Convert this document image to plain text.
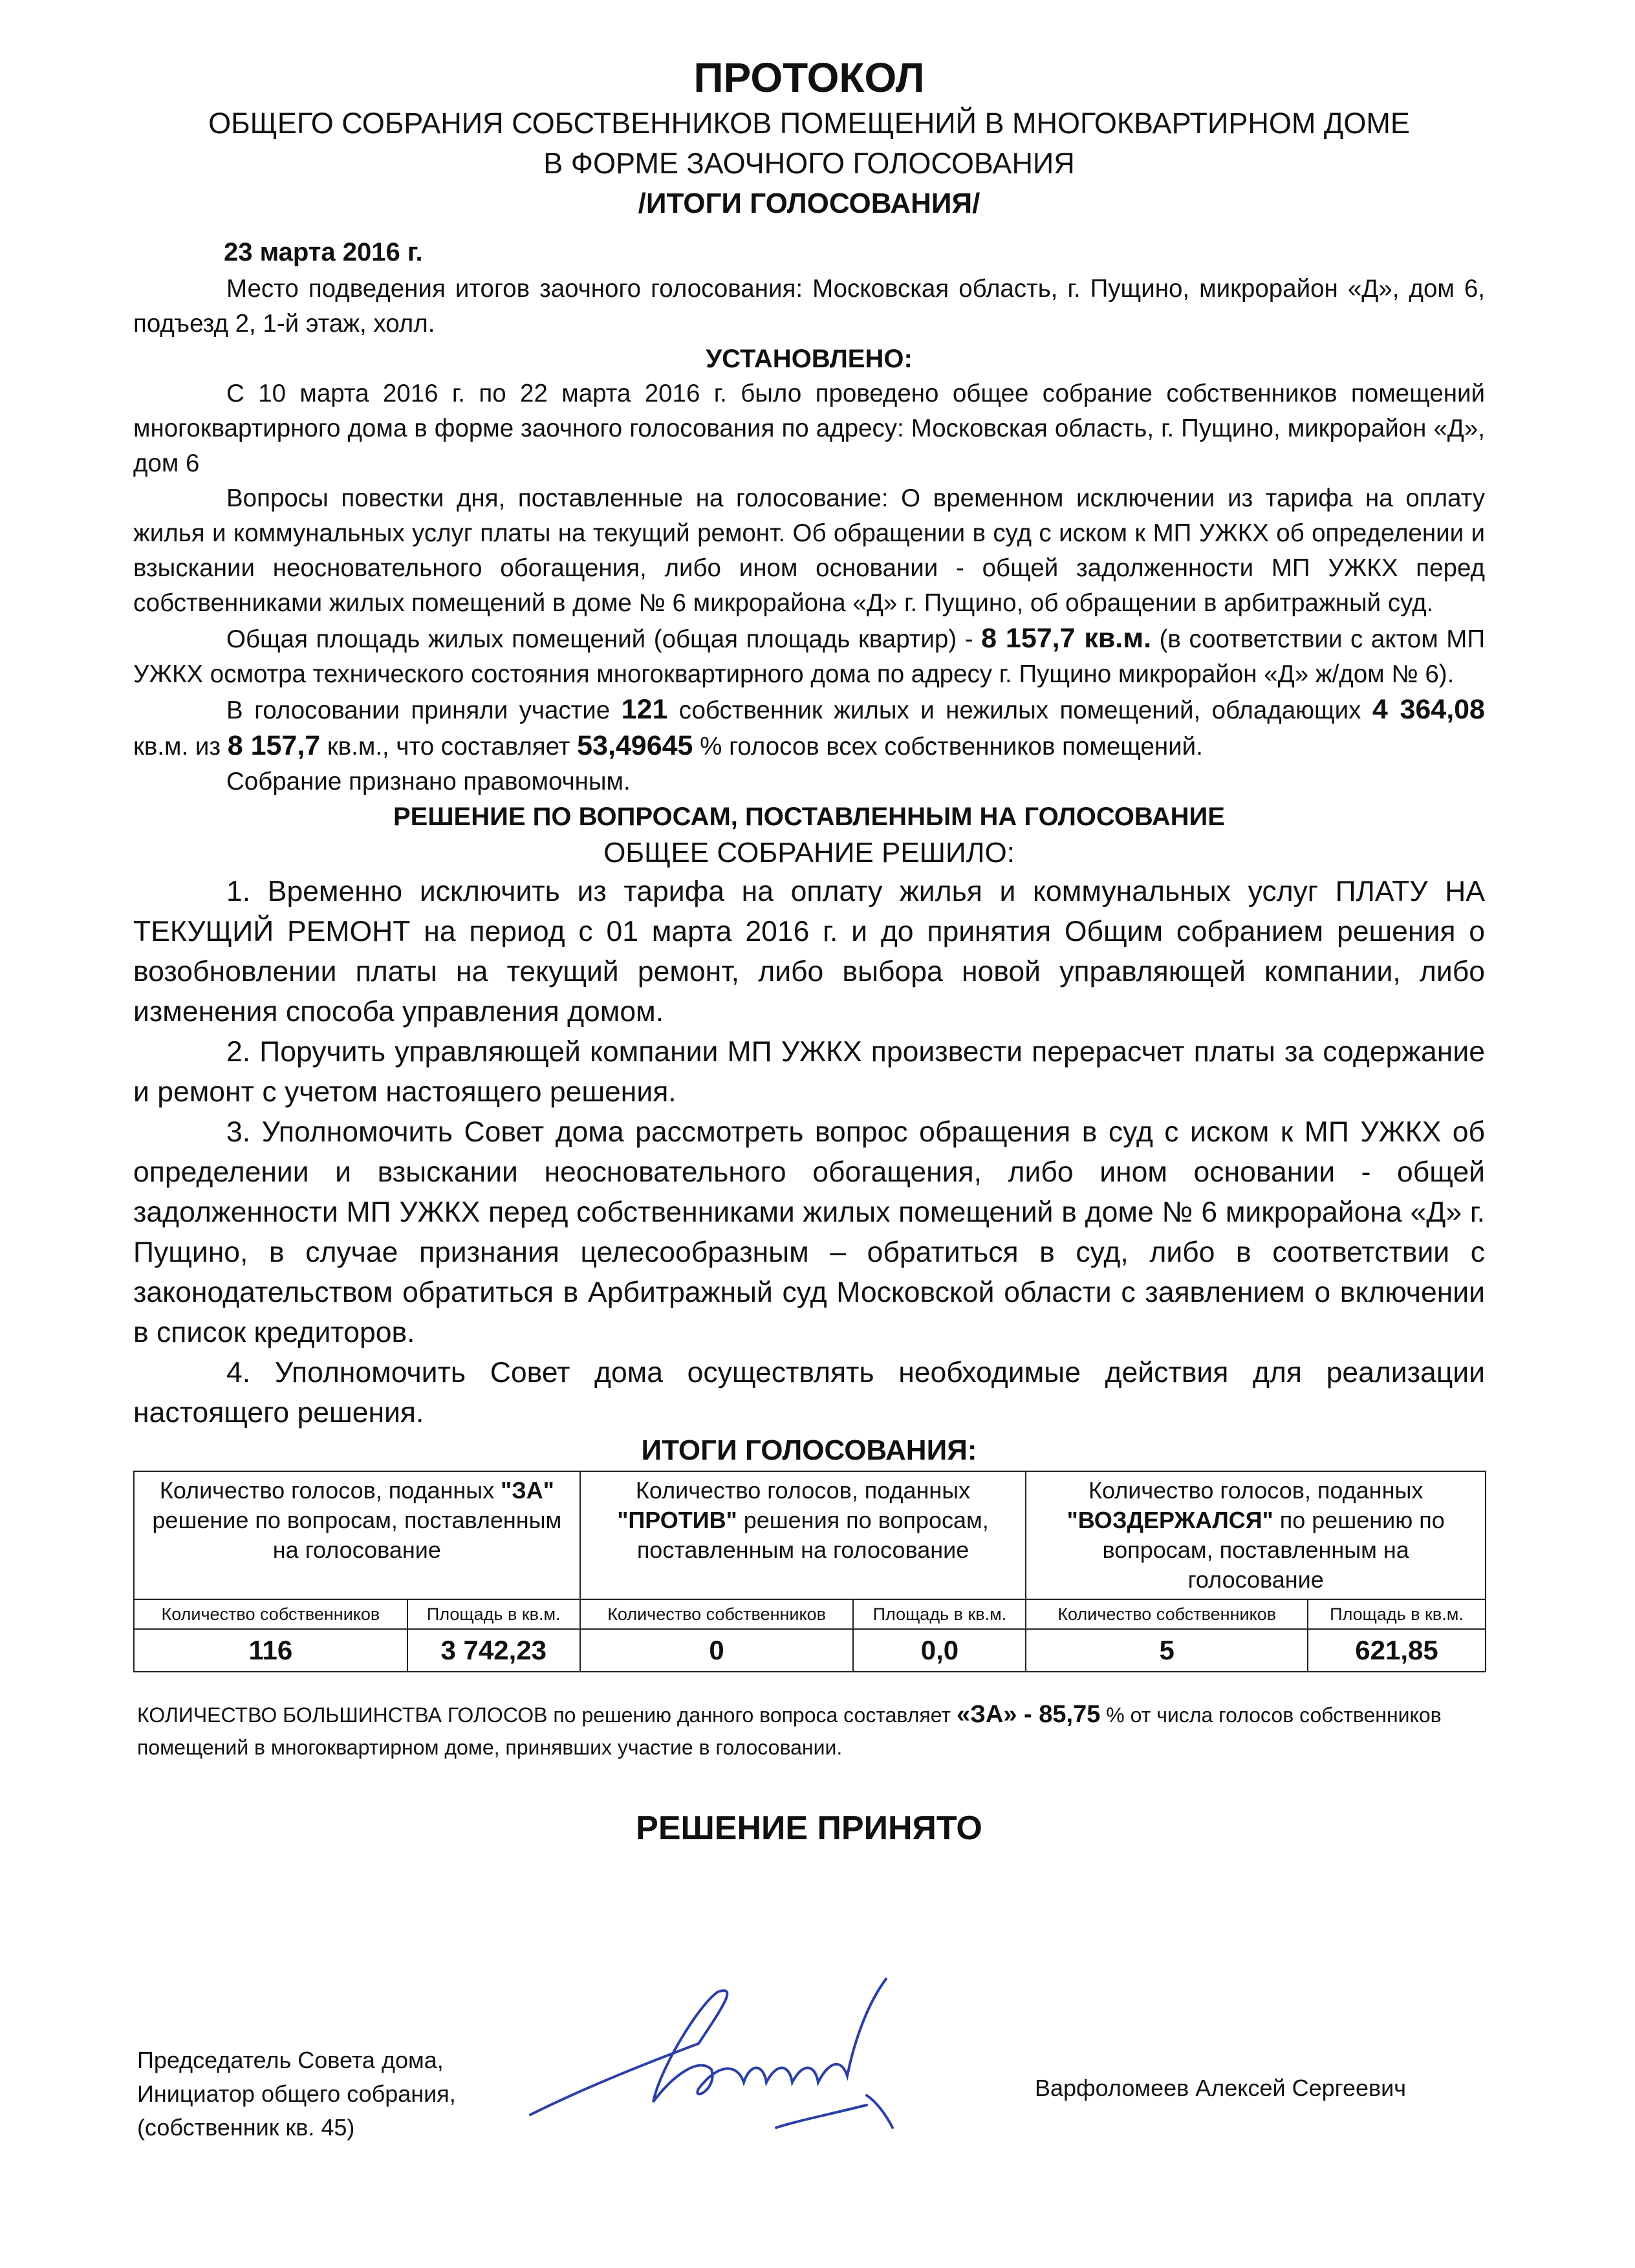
ПРОТОКОЛ
ОБЩЕГО СОБРАНИЯ СОБСТВЕННИКОВ ПОМЕЩЕНИЙ В МНОГОКВАРТИРНОМ ДОМЕ
В ФОРМЕ ЗАОЧНОГО ГОЛОСОВАНИЯ
/ИТОГИ ГОЛОСОВАНИЯ/
23 марта 2016 г.

Место подведения итогов заочного голосования: Московская область, г. Пущино, микрорайон «Д», дом 6, подъезд 2, 1-й этаж, холл.

УСТАНОВЛЕНО:

С 10 марта 2016 г. по 22 марта 2016 г. было проведено общее собрание собственников помещений многоквартирного дома в форме заочного голосования по адресу: Московская область, г. Пущино, микрорайон «Д», дом 6

Вопросы повестки дня, поставленные на голосование: О временном исключении из тарифа на оплату жилья и коммунальных услуг платы на текущий ремонт. Об обращении в суд с иском к МП УЖКХ об определении и взыскании неосновательного обогащения, либо ином основании - общей задолженности МП УЖКХ перед собственниками жилых помещений в доме № 6 микрорайона «Д» г. Пущино, об обращении в арбитражный суд.

Общая площадь жилых помещений (общая площадь квартир) - 8 157,7 кв.м. (в соответствии с актом МП УЖКХ осмотра технического состояния многоквартирного дома по адресу г. Пущино микрорайон «Д» ж/дом № 6).

В голосовании приняли участие 121 собственник жилых и нежилых помещений, обладающих 4 364,08 кв.м. из 8 157,7 кв.м., что составляет 53,49645 % голосов всех собственников помещений.

Собрание признано правомочным.

РЕШЕНИЕ ПО ВОПРОСАМ, ПОСТАВЛЕННЫМ НА ГОЛОСОВАНИЕ
ОБЩЕЕ СОБРАНИЕ РЕШИЛО:

1. Временно исключить из тарифа на оплату жилья и коммунальных услуг ПЛАТУ НА ТЕКУЩИЙ РЕМОНТ на период с 01 марта 2016 г. и до принятия Общим собранием решения о возобновлении платы на текущий ремонт, либо выбора новой управляющей компании, либо изменения способа управления домом.

2. Поручить управляющей компании МП УЖКХ произвести перерасчет платы за содержание и ремонт с учетом настоящего решения.

3. Уполномочить Совет дома рассмотреть вопрос обращения в суд с иском к МП УЖКХ об определении и взыскании неосновательного обогащения, либо ином основании - общей задолженности МП УЖКХ перед собственниками жилых помещений в доме № 6 микрорайона «Д» г. Пущино, в случае признания целесообразным – обратиться в суд, либо в соответствии с законодательством обратиться в Арбитражный суд Московской области с заявлением о включении в список кредиторов.

4. Уполномочить Совет дома осуществлять необходимые действия для реализации настоящего решения.

ИТОГИ ГОЛОСОВАНИЯ:
Количество голосов, поданных "ЗА" решение по вопросам, поставленным на голосование		Количество голосов, поданных "ПРОТИВ" решения по вопросам, поставленным на голосование		Количество голосов, поданных "ВОЗДЕРЖАЛСЯ" по решению по вопросам, поставленным на голосование	
Количество собственников	Площадь в кв.м.	Количество собственников	Площадь в кв.м.	Количество собственников	Площадь в кв.м.
116	3 742,23	0	0,0	5	621,85
КОЛИЧЕСТВО БОЛЬШИНСТВА ГОЛОСОВ по решению данного вопроса составляет «ЗА» - 85,75 % от числа голосов собственников помещений в многоквартирном доме, принявших участие в голосовании.
РЕШЕНИЕ ПРИНЯТО
Председатель Совета дома,
Инициатор общего собрания,
(собственник кв. 45)
Варфоломеев Алексей Сергеевич
